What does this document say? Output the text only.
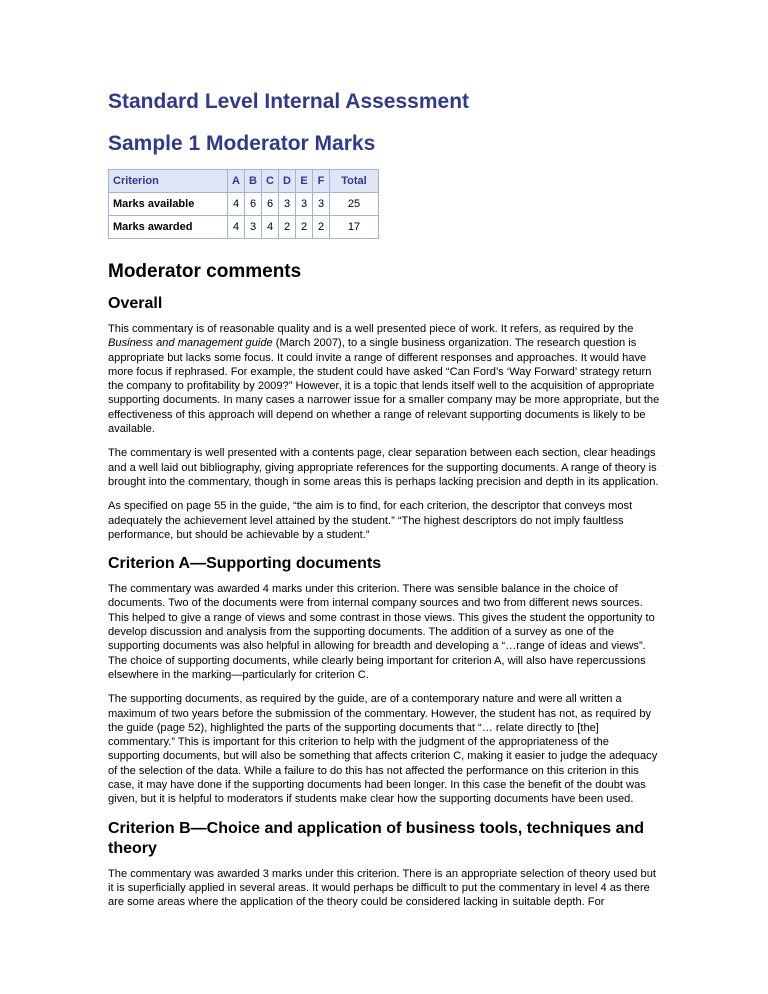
Standard Level Internal Assessment
Sample 1 Moderator Marks
Criterion	A	B	C	D	E	F	Total
Marks available	4	6	6	3	3	3	25
Marks awarded	4	3	4	2	2	2	17
Moderator comments
Overall

This commentary is of reasonable quality and is a well presented piece of work. It refers, as required by the Business and management guide (March 2007), to a single business organization. The research question is appropriate but lacks some focus. It could invite a range of different responses and approaches. It would have more focus if rephrased. For example, the student could have asked “Can Ford’s ‘Way Forward’ strategy return the company to profitability by 2009?” However, it is a topic that lends itself well to the acquisition of appropriate supporting documents. In many cases a narrower issue for a smaller company may be more appropriate, but the effectiveness of this approach will depend on whether a range of relevant supporting documents is likely to be available.

The commentary is well presented with a contents page, clear separation between each section, clear headings and a well laid out bibliography, giving appropriate references for the supporting documents. A range of theory is brought into the commentary, though in some areas this is perhaps lacking precision and depth in its application.

As specified on page 55 in the guide, “the aim is to find, for each criterion, the descriptor that conveys most adequately the achievement level attained by the student.” “The highest descriptors do not imply faultless performance, but should be achievable by a student.”

Criterion A—Supporting documents

The commentary was awarded 4 marks under this criterion. There was sensible balance in the choice of documents. Two of the documents were from internal company sources and two from different news sources. This helped to give a range of views and some contrast in those views. This gives the student the opportunity to develop discussion and analysis from the supporting documents. The addition of a survey as one of the supporting documents was also helpful in allowing for breadth and developing a “…range of ideas and views”. The choice of supporting documents, while clearly being important for criterion A, will also have repercussions elsewhere in the marking—particularly for criterion C.

The supporting documents, as required by the guide, are of a contemporary nature and were all written a maximum of two years before the submission of the commentary. However, the student has not, as required by the guide (page 52), highlighted the parts of the supporting documents that “… relate directly to [the] commentary.” This is important for this criterion to help with the judgment of the appropriateness of the supporting documents, but will also be something that affects criterion C, making it easier to judge the adequacy of the selection of the data. While a failure to do this has not affected the performance on this criterion in this case, it may have done if the supporting documents had been longer. In this case the benefit of the doubt was given, but it is helpful to moderators if students make clear how the supporting documents have been used.

Criterion B—Choice and application of business tools, techniques and theory

The commentary was awarded 3 marks under this criterion. There is an appropriate selection of theory used but it is superficially applied in several areas. It would perhaps be difficult to put the commentary in level 4 as there are some areas where the application of the theory could be considered lacking in suitable depth. For
